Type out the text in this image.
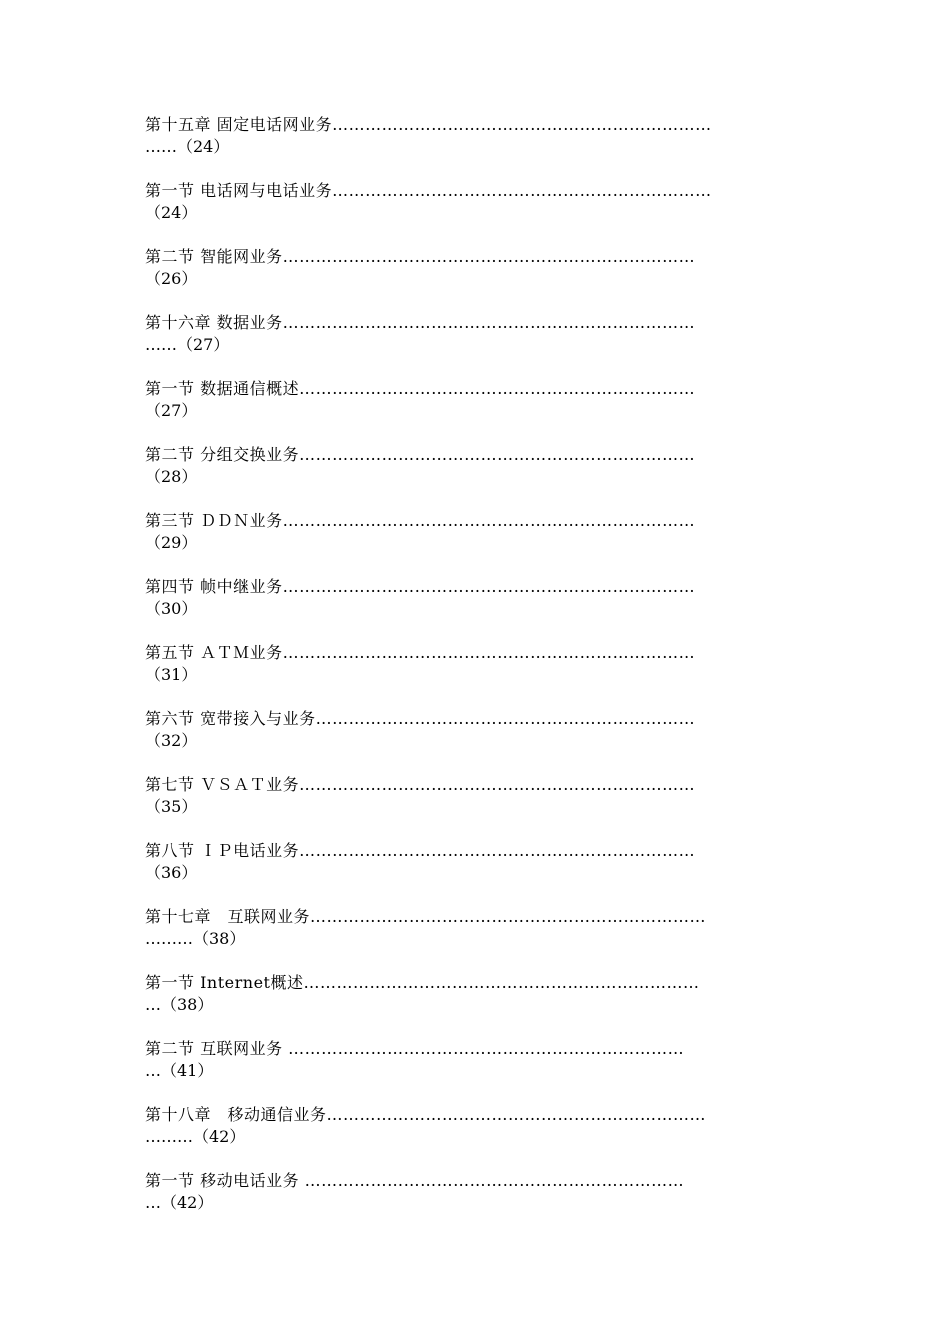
第十五章 固定电话网业务……………………………………………………………
……（24）
第一节 电话网与电话业务……………………………………………………………
（24）
第二节 智能网业务…………………………………………………………………
（26）
第十六章 数据业务…………………………………………………………………
……（27）
第一节 数据通信概述………………………………………………………………
（27）
第二节 分组交换业务………………………………………………………………
（28）
第三节 ＤＤＮ业务…………………………………………………………………
（29）
第四节 帧中继业务…………………………………………………………………
（30）
第五节 ＡＴＭ业务…………………………………………………………………
（31）
第六节 宽带接入与业务……………………………………………………………
（32）
第七节 ＶＳＡＴ业务………………………………………………………………
（35）
第八节 ＩＰ电话业务………………………………………………………………
（36）
第十七章　互联网业务………………………………………………………………
………（38）
第一节 Internet概述………………………………………………………………
…（38）
第二节 互联网业务 ………………………………………………………………
…（41）
第十八章　移动通信业务……………………………………………………………
………（42）
第一节 移动电话业务 ……………………………………………………………
…（42）
